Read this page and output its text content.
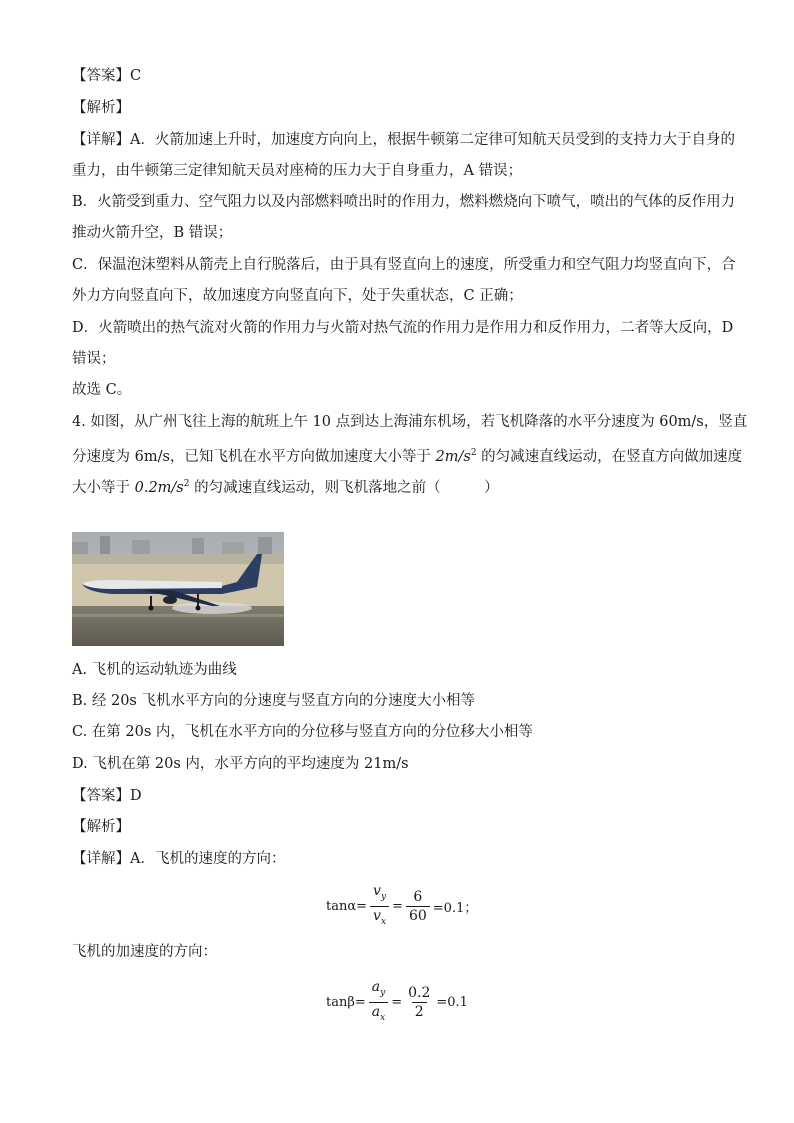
【答案】C
【解析】
【详解】A．火箭加速上升时，加速度方向向上，根据牛顿第二定律可知航天员受到的支持力大于自身的
重力，由牛顿第三定律知航天员对座椅的压力大于自身重力，A 错误；
B．火箭受到重力、空气阻力以及内部燃料喷出时的作用力，燃料燃烧向下喷气，喷出的气体的反作用力
推动火箭升空，B 错误；
C．保温泡沫塑料从箭壳上自行脱落后，由于具有竖直向上的速度，所受重力和空气阻力均竖直向下，合
外力方向竖直向下，故加速度方向竖直向下，处于失重状态，C 正确；
D．火箭喷出的热气流对火箭的作用力与火箭对热气流的作用力是作用力和反作用力，二者等大反向，D
错误；
故选 C。
4. 如图，从广州飞往上海的航班上午 10 点到达上海浦东机场，若飞机降落的水平分速度为 60m/s，竖直
分速度为 6m/s，已知飞机在水平方向做加速度大小等于 $2m/s^2$ 的匀减速直线运动，在竖直方向做加速度
大小等于 $0.2m/s^2$ 的匀减速直线运动，则飞机落地之前（　　　）
A. 飞机的运动轨迹为曲线
B. 经 20s 飞机水平方向的分速度与竖直方向的分速度大小相等
C. 在第 20s 内，飞机在水平方向的分位移与竖直方向的分位移大小相等
D. 飞机在第 20s 内，水平方向的平均速度为 21m/s
【答案】D
【解析】
【详解】A．飞机的速度的方向：
$\tan\alpha= \frac{v_y}{v_x} = \frac{6}{60} =0.1$；
飞机的加速度的方向：
$\tan\beta= \frac{a_y}{a_x} = \frac{0.2}{2} =0.1$
